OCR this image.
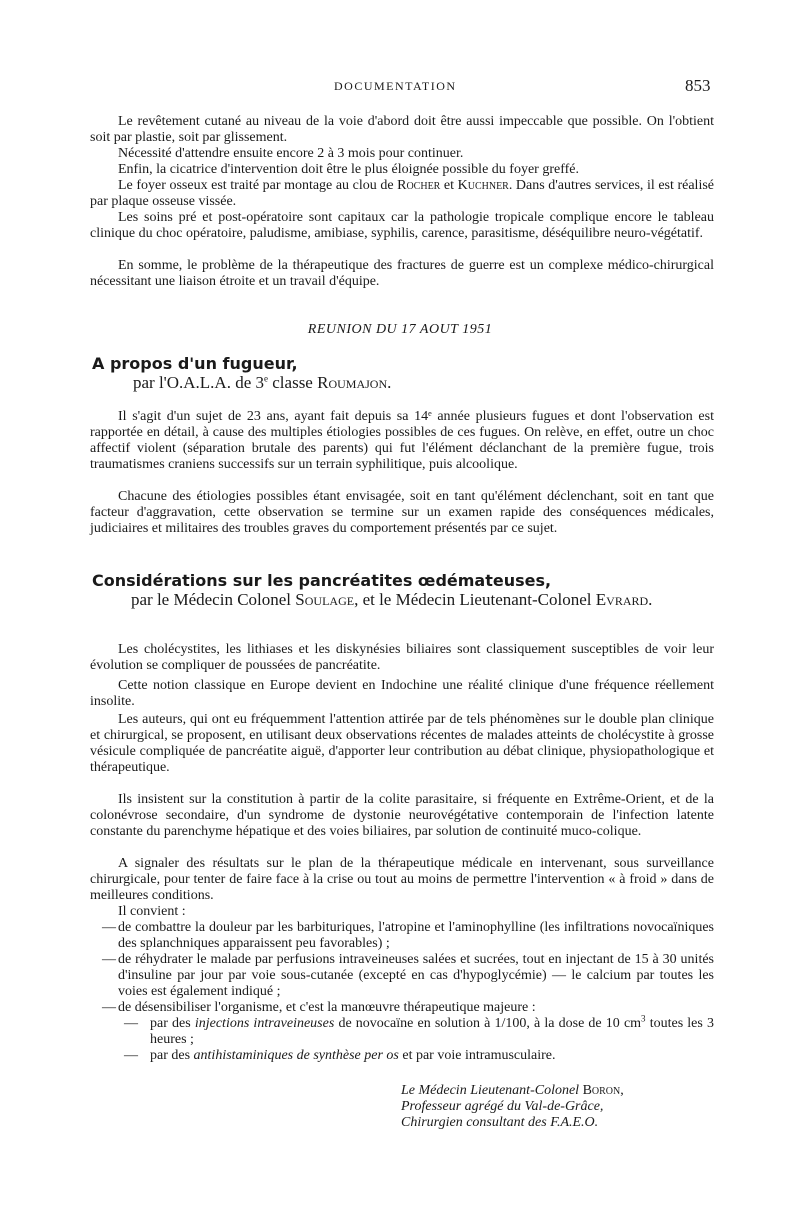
DOCUMENTATION	853

Le revêtement cutané au niveau de la voie d'abord doit être aussi impeccable que possible. On l'obtient soit par plastie, soit par glissement.

Nécessité d'attendre ensuite encore 2 à 3 mois pour continuer.

Enfin, la cicatrice d'intervention doit être le plus éloignée possible du foyer greffé.

Le foyer osseux est traité par montage au clou de Rocher et Kuchner. Dans d'autres services, il est réalisé par plaque osseuse vissée.

Les soins pré et post-opératoire sont capitaux car la pathologie tropicale complique encore le tableau clinique du choc opératoire, paludisme, amibiase, syphilis, carence, parasitisme, déséquilibre neuro-végétatif.

En somme, le problème de la thérapeutique des fractures de guerre est un complexe médico-chirurgical nécessitant une liaison étroite et un travail d'équipe.

REUNION DU 17 AOUT 1951
A propos d'un fugueur,

par l'O.A.L.A. de 3e classe Roumajon.

Il s'agit d'un sujet de 23 ans, ayant fait depuis sa 14ᵉ année plusieurs fugues et dont l'observation est rapportée en détail, à cause des multiples étiologies possibles de ces fugues. On relève, en effet, outre un choc affectif violent (séparation brutale des parents) qui fut l'élément déclanchant de la première fugue, trois traumatismes craniens successifs sur un terrain syphilitique, puis alcoolique.

Chacune des étiologies possibles étant envisagée, soit en tant qu'élément déclenchant, soit en tant que facteur d'aggravation, cette observation se termine sur un examen rapide des conséquences médicales, judiciaires et militaires des troubles graves du comportement présentés par ce sujet.

Considérations sur les pancréatites œdémateuses,

par le Médecin Colonel Soulage, et le Médecin Lieutenant-Colonel Evrard.

Les cholécystites, les lithiases et les diskynésies biliaires sont classiquement susceptibles de voir leur évolution se compliquer de poussées de pancréatite.

Cette notion classique en Europe devient en Indochine une réalité clinique d'une fréquence réellement insolite.

Les auteurs, qui ont eu fréquemment l'attention attirée par de tels phénomènes sur le double plan clinique et chirurgical, se proposent, en utilisant deux observations récentes de malades atteints de cholécystite à grosse vésicule compliquée de pancréatite aiguë, d'apporter leur contribution au débat clinique, physiopathologique et thérapeutique.

Ils insistent sur la constitution à partir de la colite parasitaire, si fréquente en Extrême-Orient, et de la colonévrose secondaire, d'un syndrome de dystonie neurovégétative contemporain de l'infection latente constante du parenchyme hépatique et des voies biliaires, par solution de continuité muco-colique.

A signaler des résultats sur le plan de la thérapeutique médicale en intervenant, sous surveillance chirurgicale, pour tenter de faire face à la crise ou tout au moins de permettre l'intervention « à froid » dans de meilleures conditions.

Il convient :

— de combattre la douleur par les barbituriques, l'atropine et l'aminophylline (les infiltrations novocaïniques des splanchniques apparaissent peu favorables) ;
— de réhydrater le malade par perfusions intraveineuses salées et sucrées, tout en injectant de 15 à 30 unités d'insuline par jour par voie sous-cutanée (excepté en cas d'hypoglycémie) — le calcium par toutes les voies est également indiqué ;
— de désensibiliser l'organisme, et c'est la manœuvre thérapeutique majeure :
— par des injections intraveineuses de novocaïne en solution à 1/100, à la dose de 10 $cm^3$ toutes les 3 heures ;
— par des antihistaminiques de synthèse per os et par voie intramusculaire.
Le Médecin Lieutenant-Colonel Boron,
Professeur agrégé du Val-de-Grâce,
Chirurgien consultant des F.A.E.O.
